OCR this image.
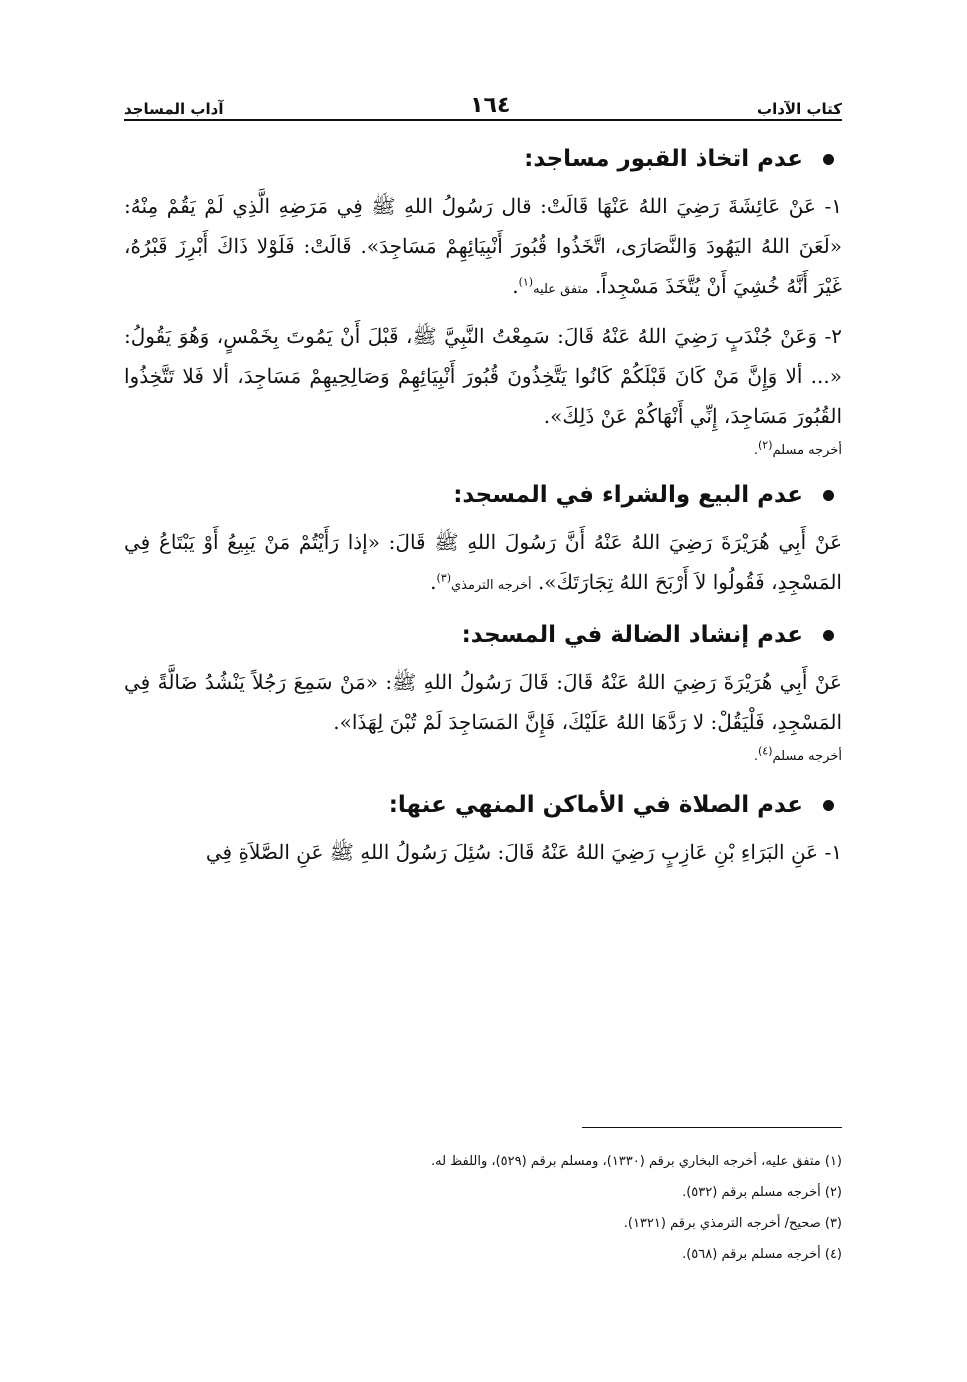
كتاب الآداب
١٦٤
آداب المساجد
عدم اتخاذ القبور مساجد:

١- عَنْ عَائِشَةَ رَضِيَ اللهُ عَنْهَا قَالَتْ: قال رَسُولُ اللهِ ﷺ فِي مَرَضِهِ الَّذِي لَمْ يَقُمْ مِنْهُ: «لَعَنَ اللهُ اليَهُودَ وَالنَّصَارَى، اتَّخَذُوا قُبُورَ أَنْبِيَائِهِمْ مَسَاجِدَ». قَالَتْ: فَلَوْلا ذَاكَ أَبْرِزَ قَبْرُهُ، غَيْرَ أَنَّهُ خُشِيَ أَنْ يُتَّخَذَ مَسْجِداً. متفق عليه$^{(١)}$.

٢- وَعَنْ جُنْدَبٍ رَضِيَ اللهُ عَنْهُ قَالَ: سَمِعْتُ النَّبِيَّ ﷺ، قَبْلَ أَنْ يَمُوتَ بِخَمْسٍ، وَهُوَ يَقُولُ: «... ألا وَإِنَّ مَنْ كَانَ قَبْلَكُمْ كَانُوا يَتَّخِذُونَ قُبُورَ أَنْبِيَائِهِمْ وَصَالِحِيهِمْ مَسَاجِدَ، ألا فَلا تَتَّخِذُوا القُبُورَ مَسَاجِدَ، إِنِّي أَنْهَاكُمْ عَنْ ذَلِكَ».

أخرجه مسلم$^{(٢)}$.

عدم البيع والشراء في المسجد:

عَنْ أَبِي هُرَيْرَةَ رَضِيَ اللهُ عَنْهُ أَنَّ رَسُولَ اللهِ ﷺ قَالَ: «إذا رَأَيْتُمْ مَنْ يَبِيعُ أَوْ يَبْتَاعُ فِي المَسْجِدِ، فَقُولُوا لاَ أَرْبَحَ اللهُ تِجَارَتَكَ». أخرجه الترمذي$^{(٣)}$.

عدم إنشاد الضالة في المسجد:

عَنْ أَبِي هُرَيْرَةَ رَضِيَ اللهُ عَنْهُ قَالَ: قَالَ رَسُولُ اللهِ ﷺ: «مَنْ سَمِعَ رَجُلاً يَنْشُدُ ضَالَّةً فِي المَسْجِدِ، فَلْيَقُلْ: لا رَدَّهَا اللهُ عَلَيْكَ، فَإِنَّ المَسَاجِدَ لَمْ تُبْنَ لِهَذَا».

أخرجه مسلم$^{(٤)}$.

عدم الصلاة في الأماكن المنهي عنها:

١- عَنِ البَرَاءِ بْنِ عَازِبٍ رَضِيَ اللهُ عَنْهُ قَالَ: سُئِلَ رَسُولُ اللهِ ﷺ عَنِ الصَّلاَةِ فِي

(١) متفق عليه، أخرجه البخاري برقم (١٣٣٠)، ومسلم برقم (٥٢٩)، واللفظ له.

(٢) أخرجه مسلم برقم (٥٣٢).

(٣) صحيح/ أخرجه الترمذي برقم (١٣٢١).

(٤) أخرجه مسلم برقم (٥٦٨).
